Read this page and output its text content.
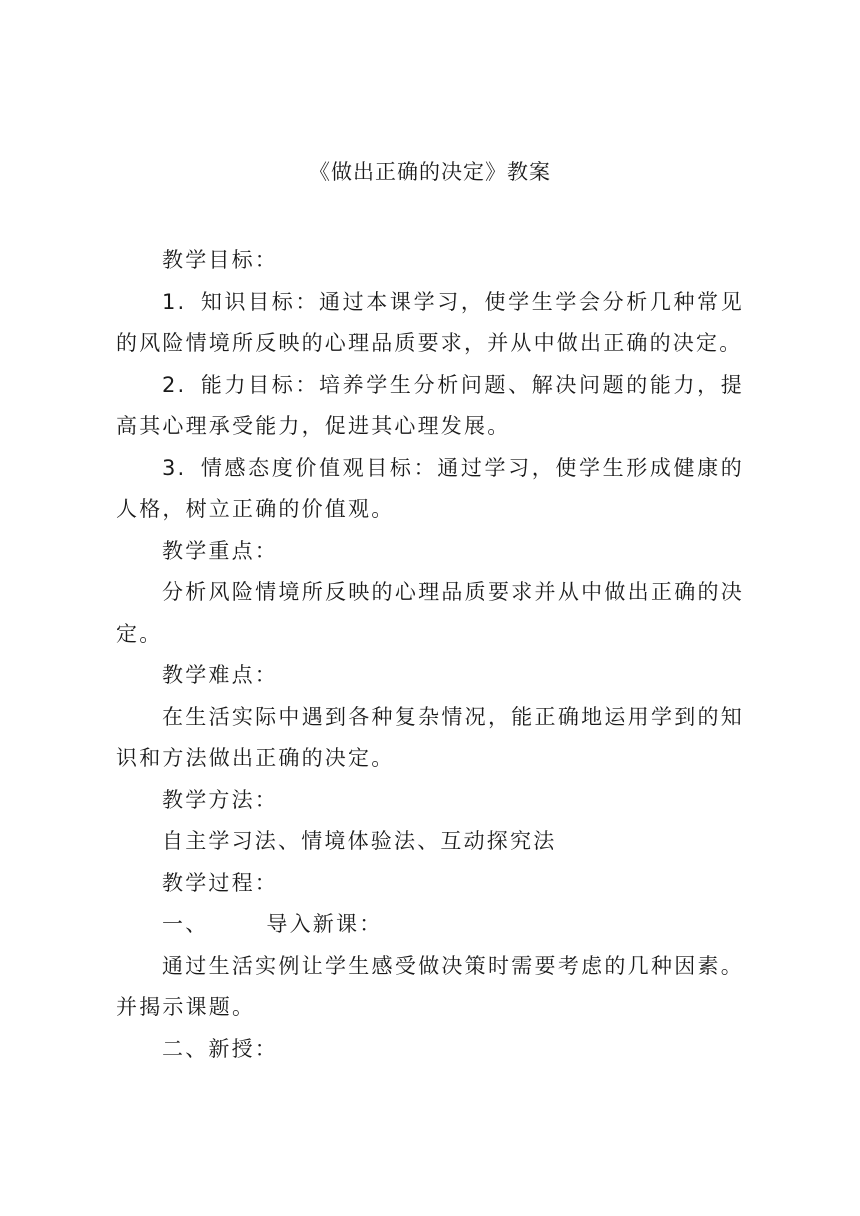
《做出正确的决定》教案

教学目标：

1. 知识目标：通过本课学习，使学生学会分析几种常见的风险情境所反映的心理品质要求，并从中做出正确的决定。

2. 能力目标：培养学生分析问题、解决问题的能力，提高其心理承受能力，促进其心理发展。

3. 情感态度价值观目标：通过学习，使学生形成健康的人格，树立正确的价值观。

教学重点：

分析风险情境所反映的心理品质要求并从中做出正确的决定。

教学难点：

在生活实际中遇到各种复杂情况，能正确地运用学到的知识和方法做出正确的决定。

教学方法：

自主学习法、情境体验法、互动探究法

教学过程：

一、	导入新课：

通过生活实例让学生感受做决策时需要考虑的几种因素。并揭示课题。

二、新授：
